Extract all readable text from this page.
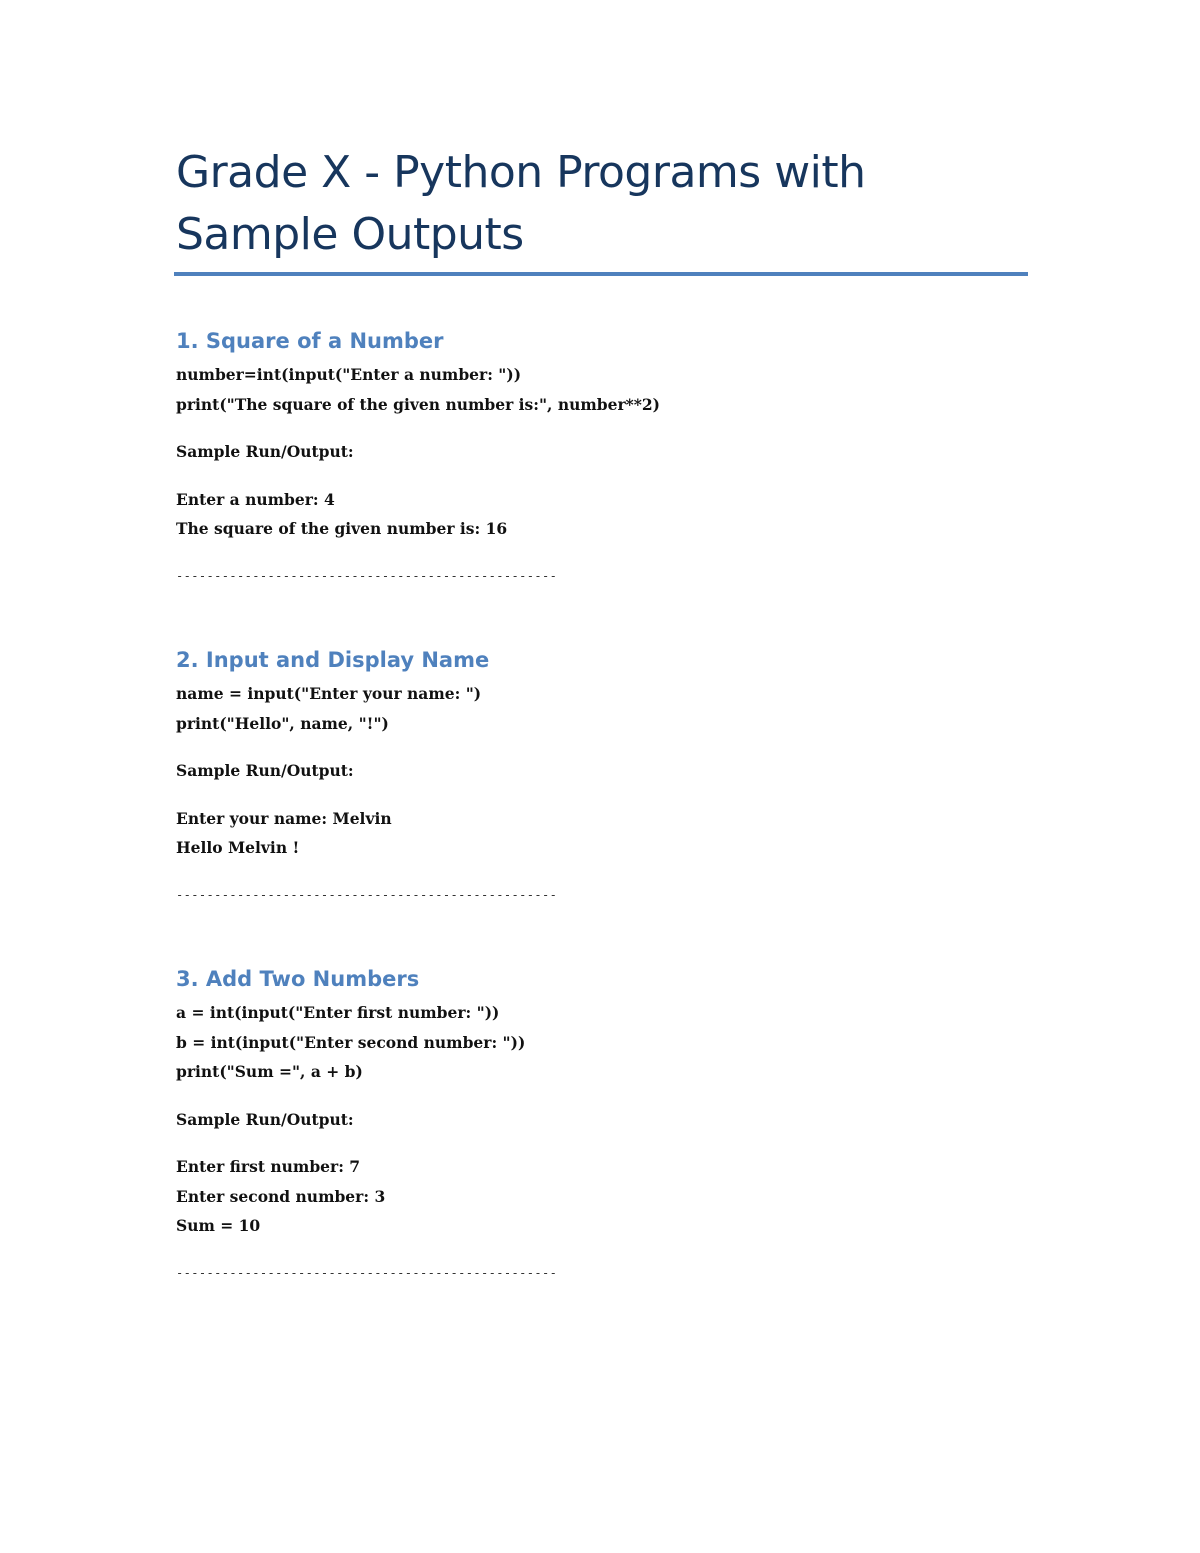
Grade X - Python Programs with Sample Outputs
1. Square of a Number
number=int(input("Enter a number: "))
print("The square of the given number is:", number**2)
Sample Run/Output:
Enter a number: 4
The square of the given number is: 16
--------------------------------------------------
2. Input and Display Name
name = input("Enter your name: ")
print("Hello", name, "!")
Sample Run/Output:
Enter your name: Melvin
Hello Melvin !
--------------------------------------------------
3. Add Two Numbers
a = int(input("Enter first number: "))
b = int(input("Enter second number: "))
print("Sum =", a + b)
Sample Run/Output:
Enter first number: 7
Enter second number: 3
Sum = 10
--------------------------------------------------
